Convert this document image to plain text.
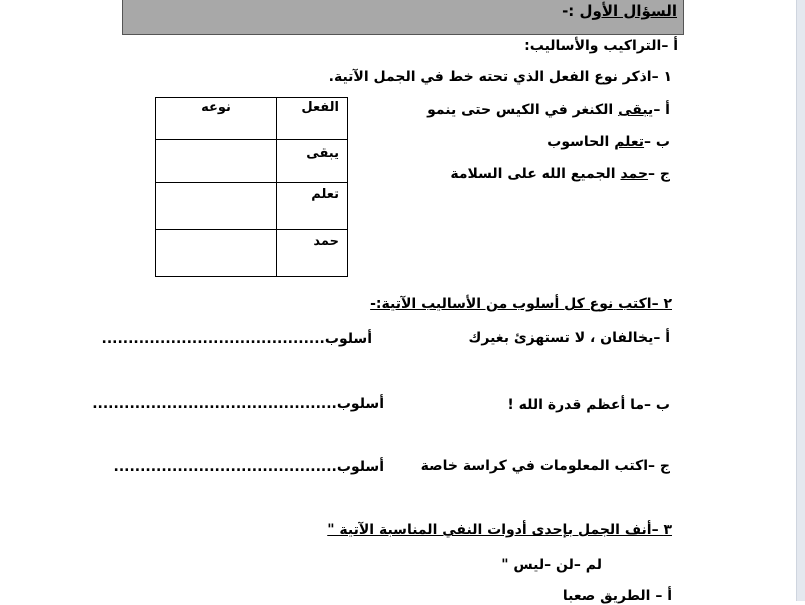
السؤال الأول :-
أ –التراكيب والأساليب:
١ –اذكر نوع الفعل الذي تحته خط في الجمل الآتية.
أ –يبقى الكنغر في الكيس حتى ينمو
ب –تعلم الحاسوب
ج –حمد الجميع الله على السلامة
الفعل	نوعه
يبقى	
تعلم	
حمد	
٢ –اكتب نوع كل أسلوب من الأساليب الآتية:-
أ –يخالفان ، لا تستهزئ بغيرك
أسلوب..........................................
ب –ما أعظم قدرة الله !
أسلوب..............................................
ج –اكتب المعلومات في كراسة خاصة
أسلوب..........................................
٣ –أنف الجمل بإحدى أدوات النفي المناسبة الآتية "
لم –لن –ليس "
أ – الطريق صعبا
